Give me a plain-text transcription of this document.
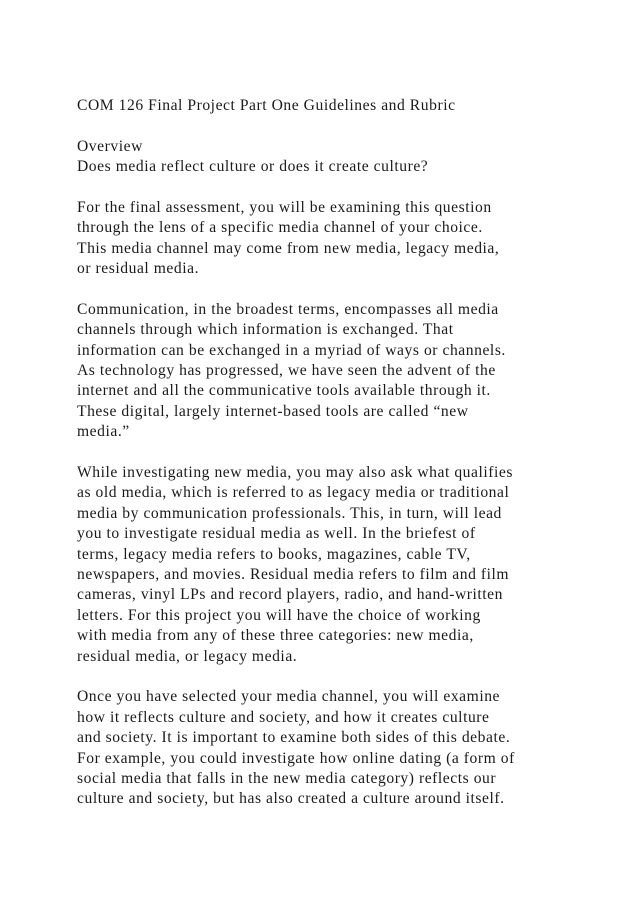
COM 126 Final Project Part One Guidelines and Rubric
Overview
Does media reflect culture or does it create culture?
For the final assessment, you will be examining this question
through the lens of a specific media channel of your choice.
This media channel may come from new media, legacy media,
or residual media.
Communication, in the broadest terms, encompasses all media
channels through which information is exchanged. That
information can be exchanged in a myriad of ways or channels.
As technology has progressed, we have seen the advent of the
internet and all the communicative tools available through it.
These digital, largely internet-based tools are called “new
media.”
While investigating new media, you may also ask what qualifies
as old media, which is referred to as legacy media or traditional
media by communication professionals. This, in turn, will lead
you to investigate residual media as well. In the briefest of
terms, legacy media refers to books, magazines, cable TV,
newspapers, and movies. Residual media refers to film and film
cameras, vinyl LPs and record players, radio, and hand-written
letters. For this project you will have the choice of working
with media from any of these three categories: new media,
residual media, or legacy media.
Once you have selected your media channel, you will examine
how it reflects culture and society, and how it creates culture
and society. It is important to examine both sides of this debate.
For example, you could investigate how online dating (a form of
social media that falls in the new media category) reflects our
culture and society, but has also created a culture around itself.
